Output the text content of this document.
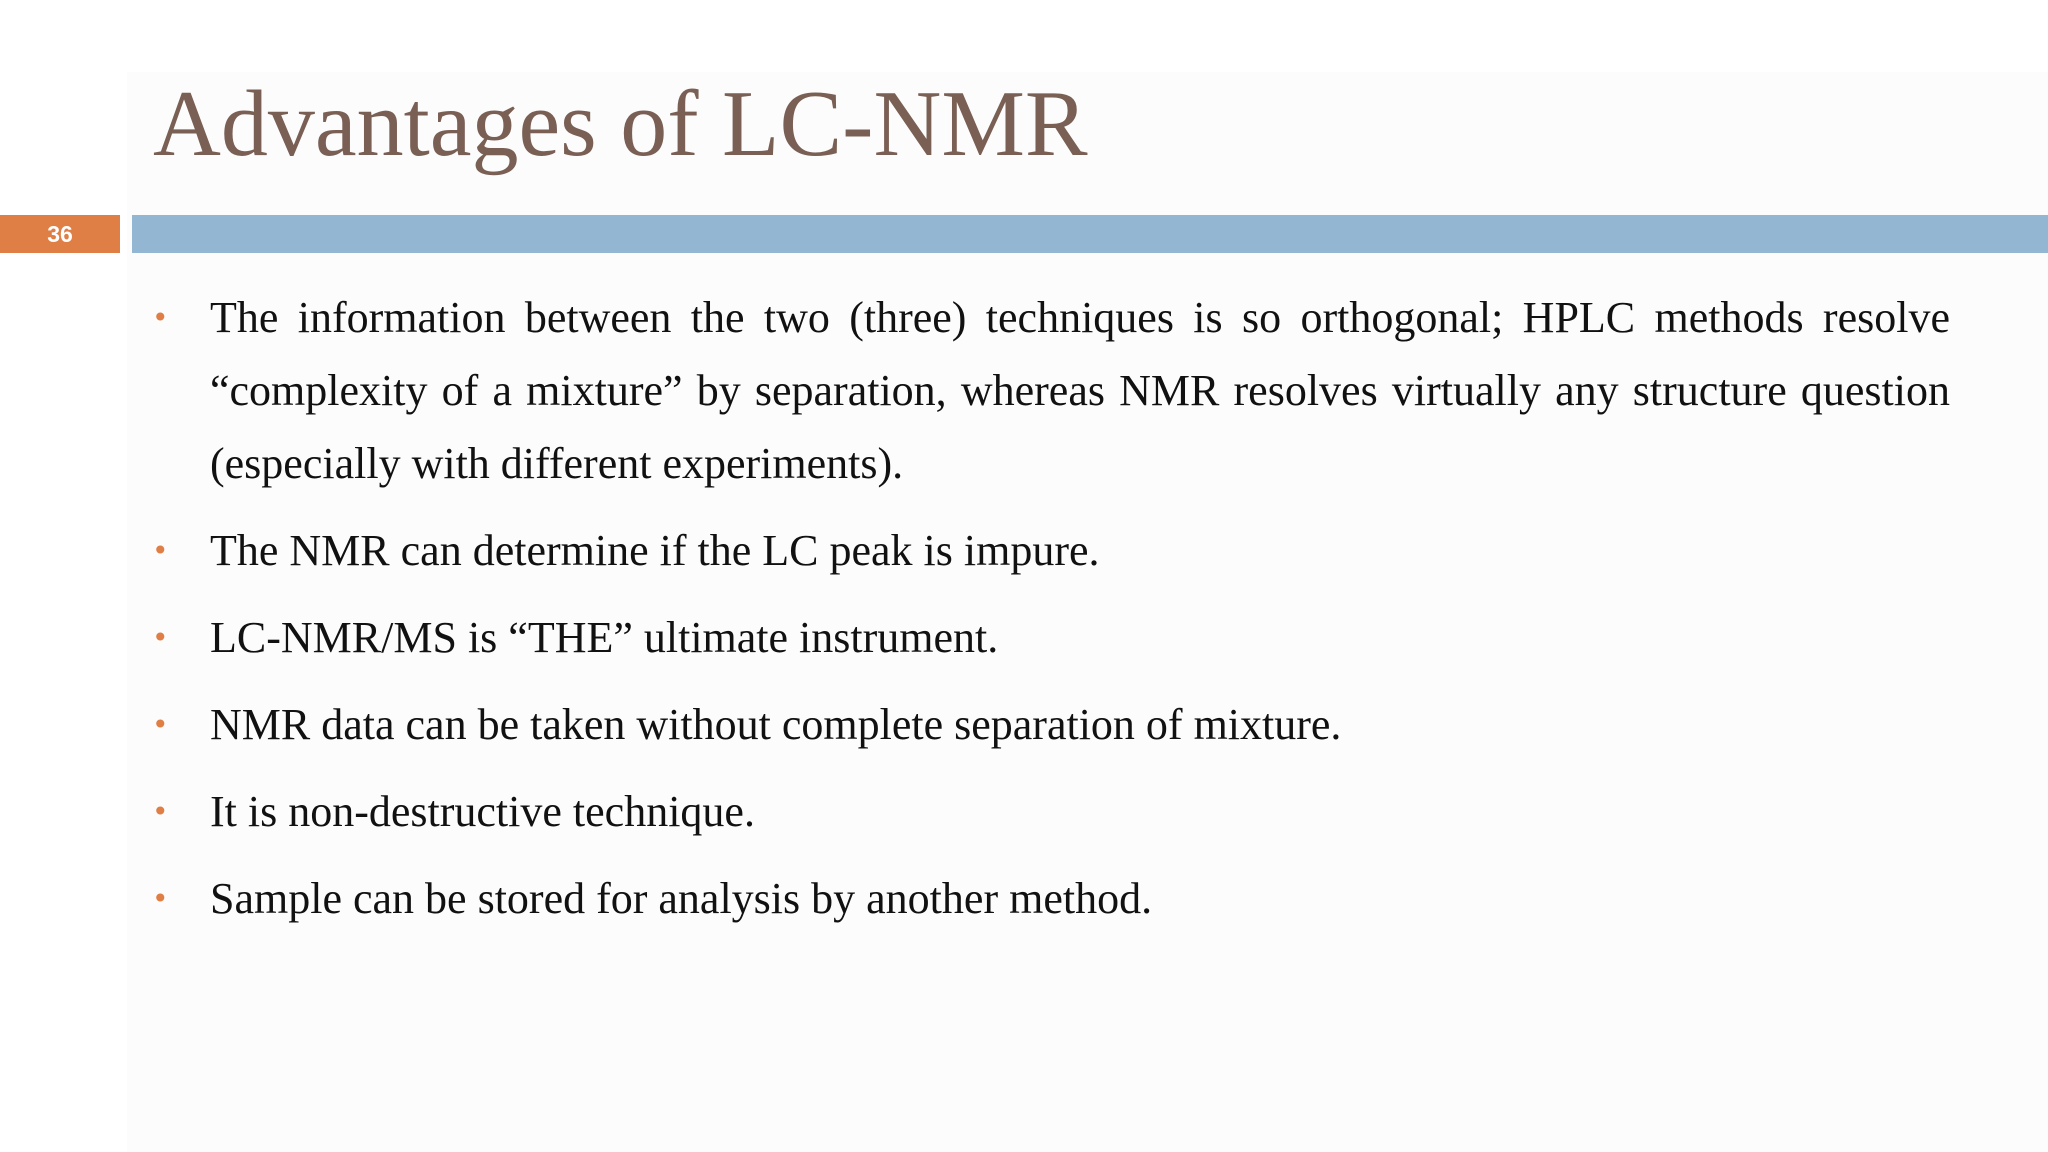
Advantages of LC-NMR
36
• The information between the two (three) techniques is so orthogonal; HPLC methods resolve “complexity of a mixture” by separation, whereas NMR resolves virtually any structure question (especially with different experiments).
• The NMR can determine if the LC peak is impure.
• LC-NMR/MS is “THE” ultimate instrument.
• NMR data can be taken without complete separation of mixture.
• It is non-destructive technique.
• Sample can be stored for analysis by another method.
